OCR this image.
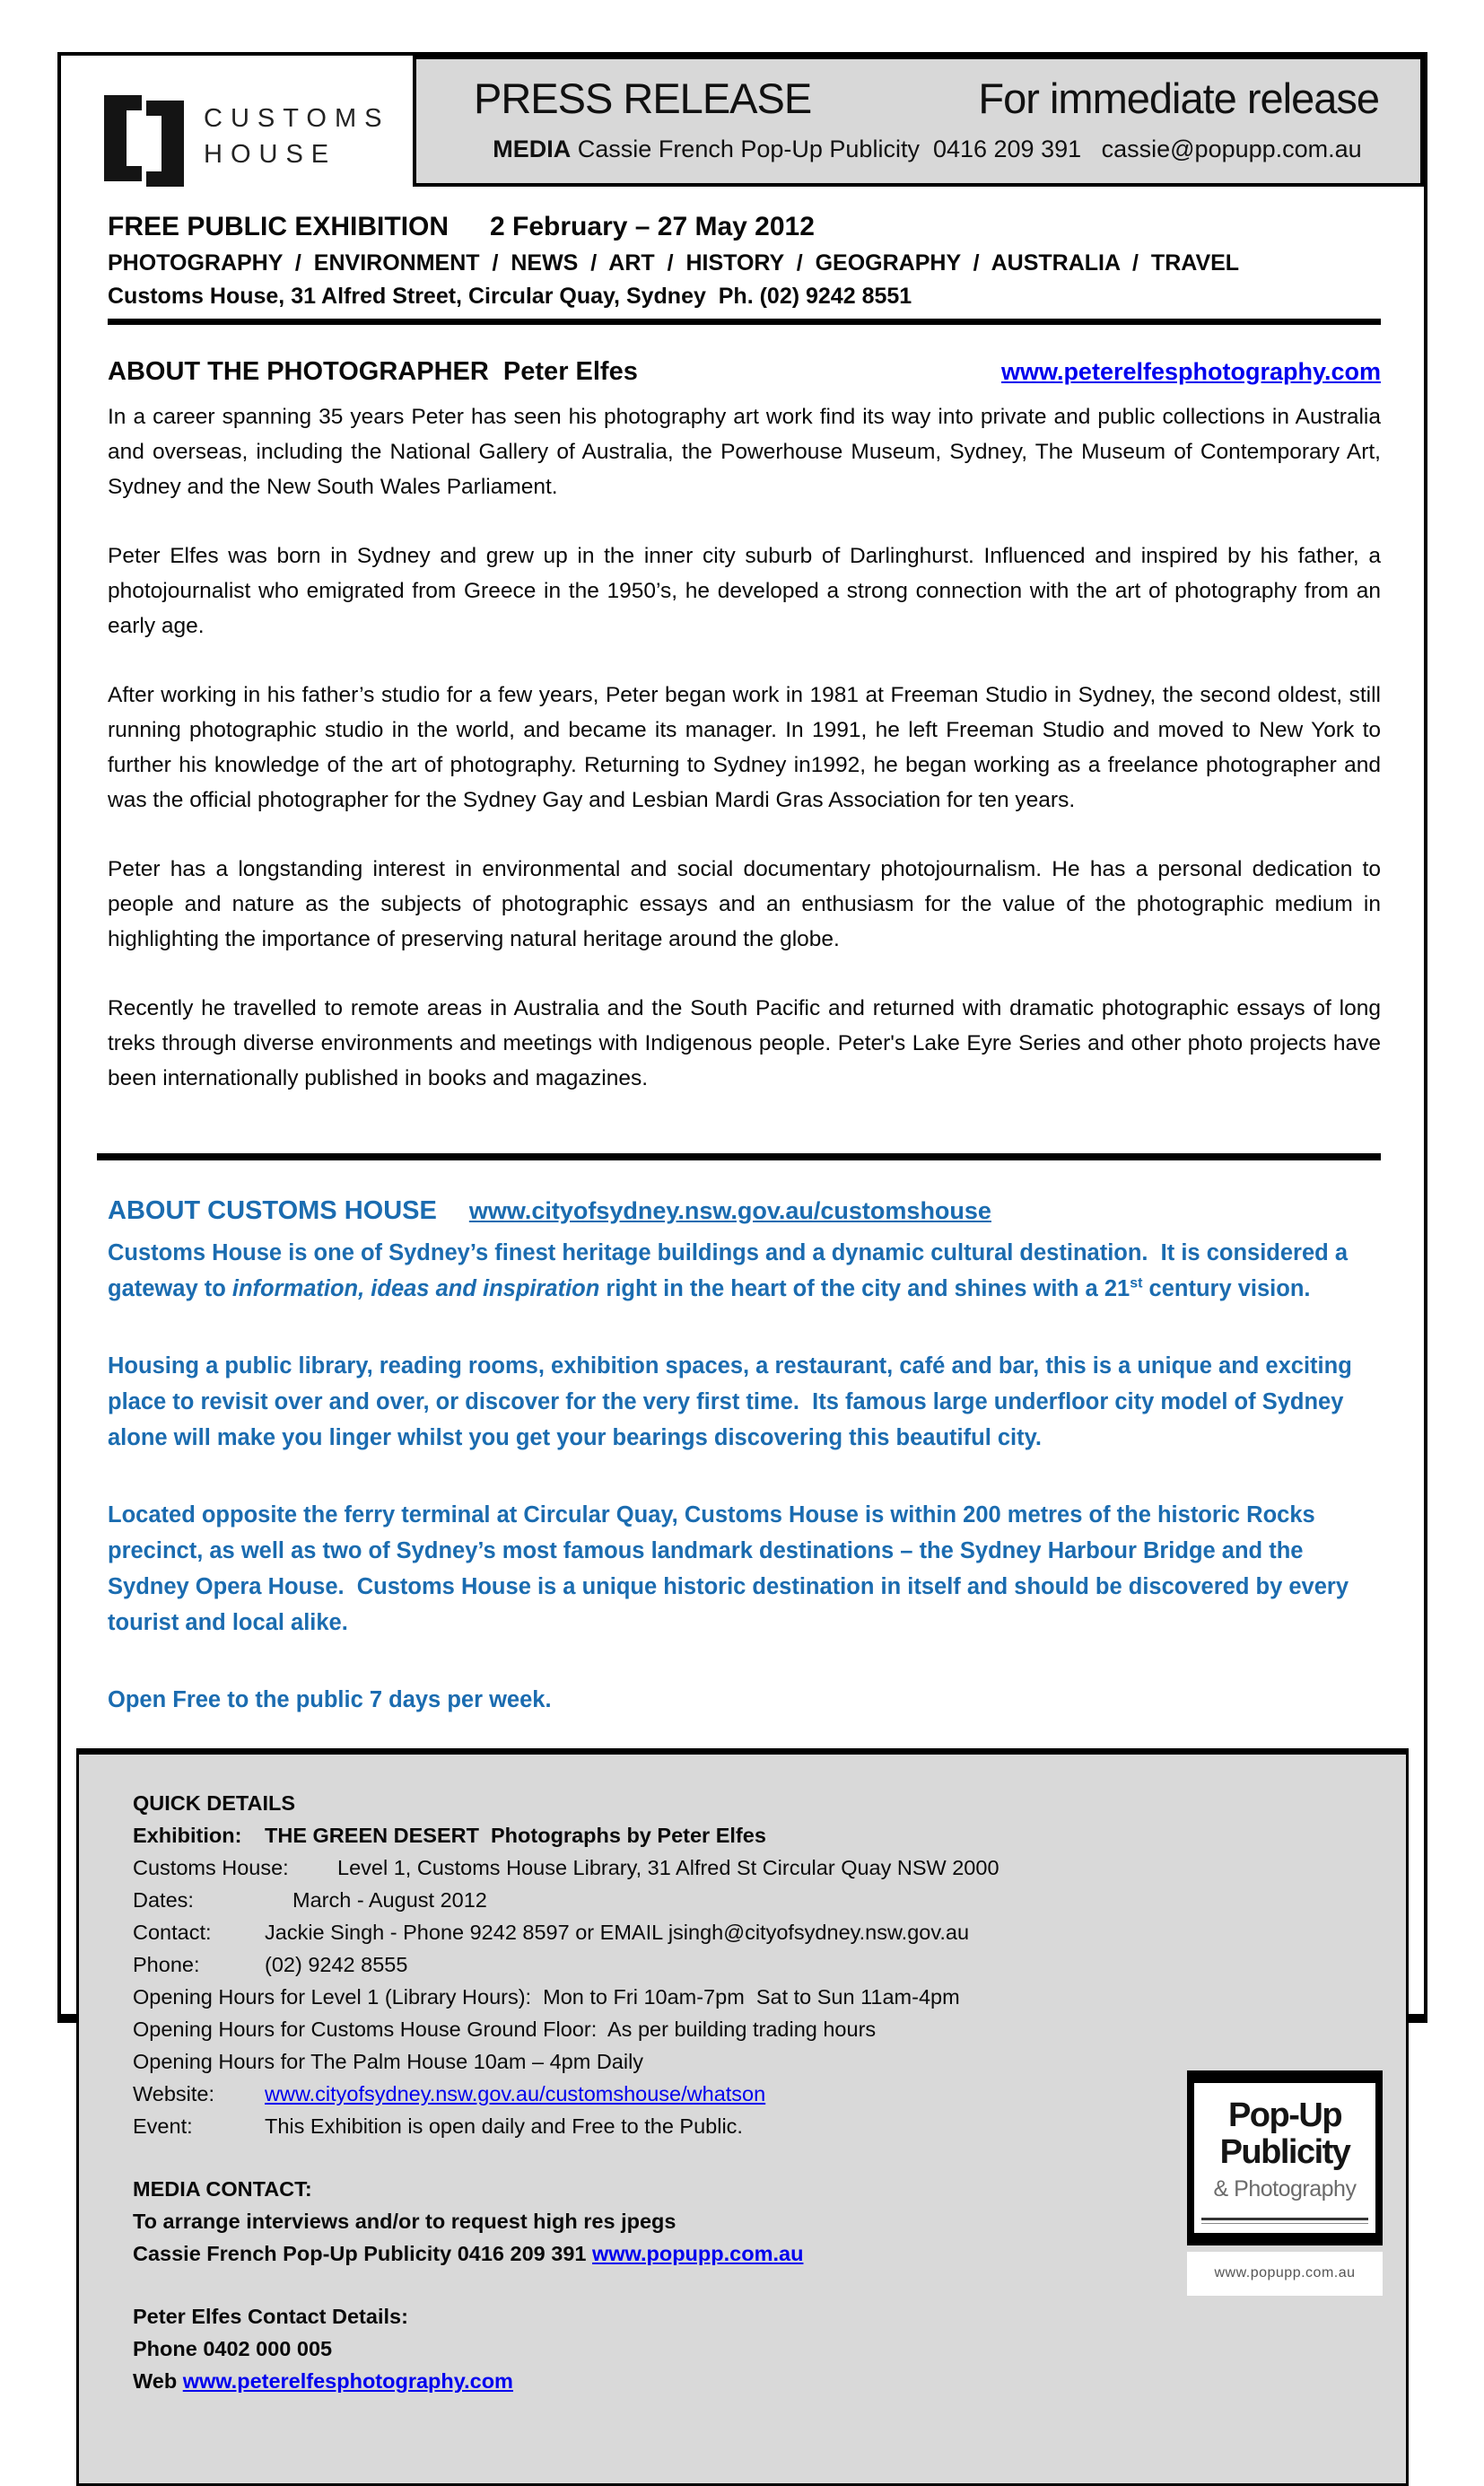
CUSTOMS
HOUSE
PRESS RELEASE	For immediate release
MEDIA Cassie French Pop-Up Publicity  0416 209 391   cassie@popupp.com.au
FREE PUBLIC EXHIBITION 2 February – 27 May 2012
PHOTOGRAPHY / ENVIRONMENT / NEWS / ART / HISTORY / GEOGRAPHY / AUSTRALIA / TRAVEL
Customs House, 31 Alfred Street, Circular Quay, Sydney  Ph. (02) 9242 8551
ABOUT THE PHOTOGRAPHER  Peter Elfes	www.peterelfesphotography.com

In a career spanning 35 years Peter has seen his photography art work find its way into private and public collections in Australia and overseas, including the National Gallery of Australia, the Powerhouse Museum, Sydney, The Museum of Contemporary Art, Sydney and the New South Wales Parliament.

Peter Elfes was born in Sydney and grew up in the inner city suburb of Darlinghurst. Influenced and inspired by his father, a photojournalist who emigrated from Greece in the 1950’s, he developed a strong connection with the art of photography from an early age.

After working in his father’s studio for a few years, Peter began work in 1981 at Freeman Studio in Sydney, the second oldest, still running photographic studio in the world, and became its manager. In 1991, he left Freeman Studio and moved to New York to further his knowledge of the art of photography. Returning to Sydney in1992, he began working as a freelance photographer and was the official photographer for the Sydney Gay and Lesbian Mardi Gras Association for ten years.

Peter has a longstanding interest in environmental and social documentary photojournalism. He has a personal dedication to people and nature as the subjects of photographic essays and an enthusiasm for the value of the photographic medium in highlighting the importance of preserving natural heritage around the globe.

Recently he travelled to remote areas in Australia and the South Pacific and returned with dramatic photographic essays of long treks through diverse environments and meetings with Indigenous people. Peter's Lake Eyre Series and other photo projects have been internationally published in books and magazines.

ABOUT CUSTOMS HOUSE www.cityofsydney.nsw.gov.au/customshouse

Customs House is one of Sydney’s finest heritage buildings and a dynamic cultural destination.  It is considered a gateway to information, ideas and inspiration right in the heart of the city and shines with a 21st century vision.

Housing a public library, reading rooms, exhibition spaces, a restaurant, café and bar, this is a unique and exciting place to revisit over and over, or discover for the very first time.  Its famous large underfloor city model of Sydney alone will make you linger whilst you get your bearings discovering this beautiful city.

Located opposite the ferry terminal at Circular Quay, Customs House is within 200 metres of the historic Rocks precinct, as well as two of Sydney’s most famous landmark destinations – the Sydney Harbour Bridge and the Sydney Opera House.  Customs House is a unique historic destination in itself and should be discovered by every tourist and local alike.

Open Free to the public 7 days per week.

QUICK DETAILS
Exhibition:	THE GREEN DESERT  Photographs by Peter Elfes
Customs House:	Level 1, Customs House Library, 31 Alfred St Circular Quay NSW 2000
Dates:	March - August 2012
Contact:	Jackie Singh - Phone 9242 8597 or EMAIL jsingh@cityofsydney.nsw.gov.au
Phone:	(02) 9242 8555
Opening Hours for Level 1 (Library Hours):  Mon to Fri 10am-7pm  Sat to Sun 11am-4pm
Opening Hours for Customs House Ground Floor:  As per building trading hours
Opening Hours for The Palm House 10am – 4pm Daily
Website:	www.cityofsydney.nsw.gov.au/customshouse/whatson
Event:	This Exhibition is open daily and Free to the Public.
MEDIA CONTACT:
To arrange interviews and/or to request high res jpegs
Cassie French Pop-Up Publicity 0416 209 391 www.popupp.com.au
Peter Elfes Contact Details:
Phone 0402 000 005
Web www.peterelfesphotography.com
Pop-Up
Publicity
& Photography
www.popupp.com.au
